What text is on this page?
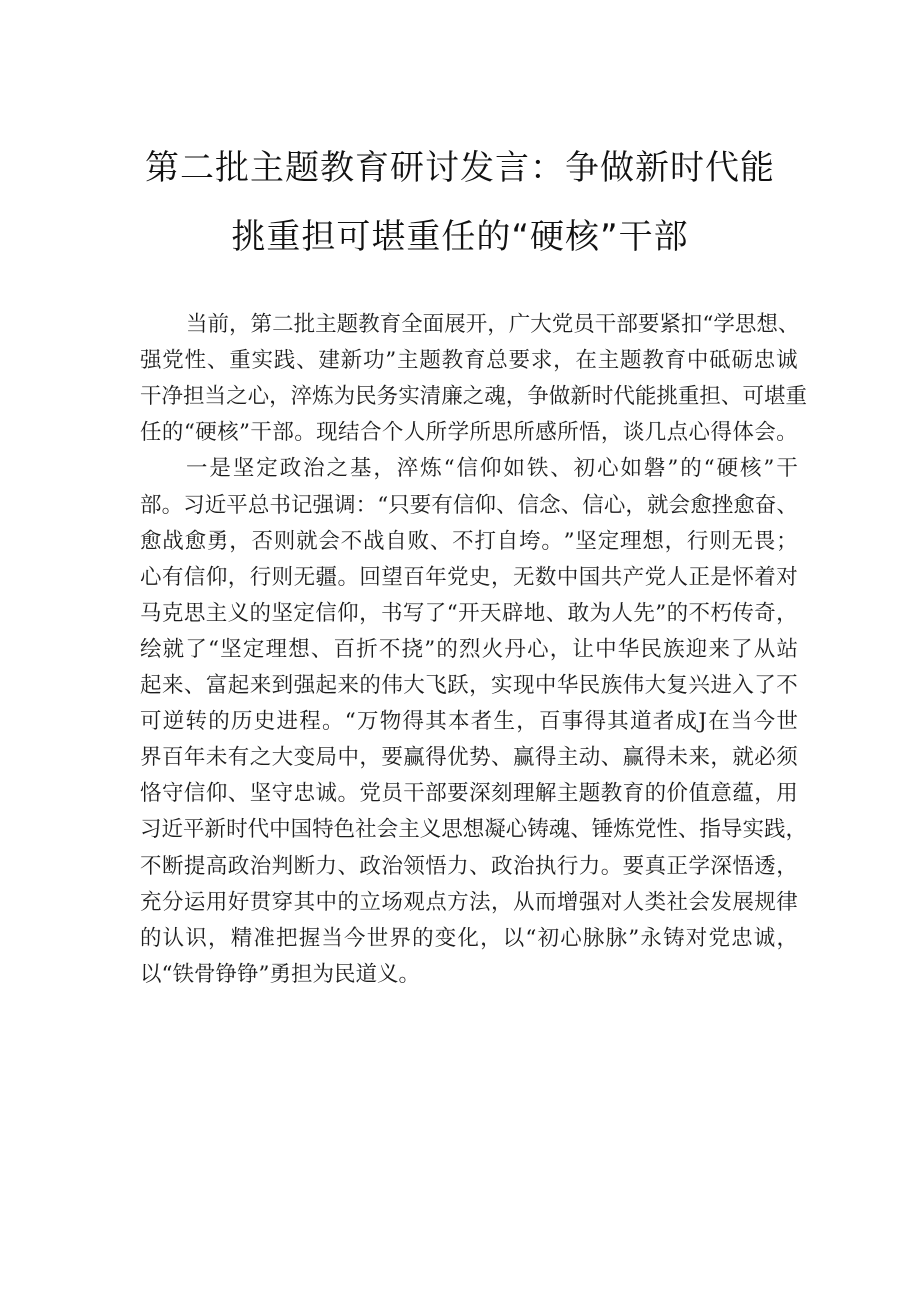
第二批主题教育研讨发言：争做新时代能
挑重担可堪重任的“硬核”干部
当 前 ， 第 二 批 主 题 教 育 全 面 展 开 ， 广 大 党 员 干 部 要 紧 扣 “ 学 思 想 、
强 党 性 、 重 实 践 、 建 新 功 ” 主 题 教 育 总 要 求 ， 在 主 题 教 育 中 砥 砺 忠 诚
干 净 担 当 之 心 ， 淬 炼 为 民 务 实 清 廉 之 魂 ， 争 做 新 时 代 能 挑 重 担 、 可 堪 重
任 的 “ 硬 核 ” 干 部 。 现 结 合 个 人 所 学 所 思 所 感 所 悟 ， 谈 几 点 心 得 体 会 。
一 是 坚 定 政 治 之 基 ， 淬 炼 “ 信 仰 如 铁 、 初 心 如 磐 ” 的 “ 硬 核 ” 干
部 。 习 近 平 总 书 记 强 调 ： “ 只 要 有 信 仰 、 信 念 、 信 心 ， 就 会 愈 挫 愈 奋 、
愈 战 愈 勇 ， 否 则 就 会 不 战 自 败 、 不 打 自 垮 。 ” 坚 定 理 想 ， 行 则 无 畏 ；
心 有 信 仰 ， 行 则 无 疆 。 回 望 百 年 党 史 ， 无 数 中 国 共 产 党 人 正 是 怀 着 对
马 克 思 主 义 的 坚 定 信 仰 ， 书 写 了 “ 开 天 辟 地 、 敢 为 人 先 ” 的 不 朽 传 奇 ，
绘 就 了 “ 坚 定 理 想 、 百 折 不 挠 ” 的 烈 火 丹 心 ， 让 中 华 民 族 迎 来 了 从 站
起 来 、 富 起 来 到 强 起 来 的 伟 大 飞 跃 ， 实 现 中 华 民 族 伟 大 复 兴 进 入 了 不
可 逆 转 的 历 史 进 程 。 “ 万 物 得 其 本 者 生 ， 百 事 得 其 道 者 成 J 在 当 今 世
界 百 年 未 有 之 大 变 局 中 ， 要 赢 得 优 势 、 赢 得 主 动 、 赢 得 未 来 ， 就 必 须
恪 守 信 仰 、 坚 守 忠 诚 。 党 员 干 部 要 深 刻 理 解 主 题 教 育 的 价 值 意 蕴 ， 用
习 近 平 新 时 代 中 国 特 色 社 会 主 义 思 想 凝 心 铸 魂 、 锤 炼 党 性 、 指 导 实 践 ，
不 断 提 高 政 治 判 断 力 、 政 治 领 悟 力 、 政 治 执 行 力 。 要 真 正 学 深 悟 透 ，
充 分 运 用 好 贯 穿 其 中 的 立 场 观 点 方 法 ， 从 而 增 强 对 人 类 社 会 发 展 规 律
的 认 识 ， 精 准 把 握 当 今 世 界 的 变 化 ， 以 “ 初 心 脉 脉 ” 永 铸 对 党 忠 诚 ，
以“铁骨铮铮”勇担为民道义。
